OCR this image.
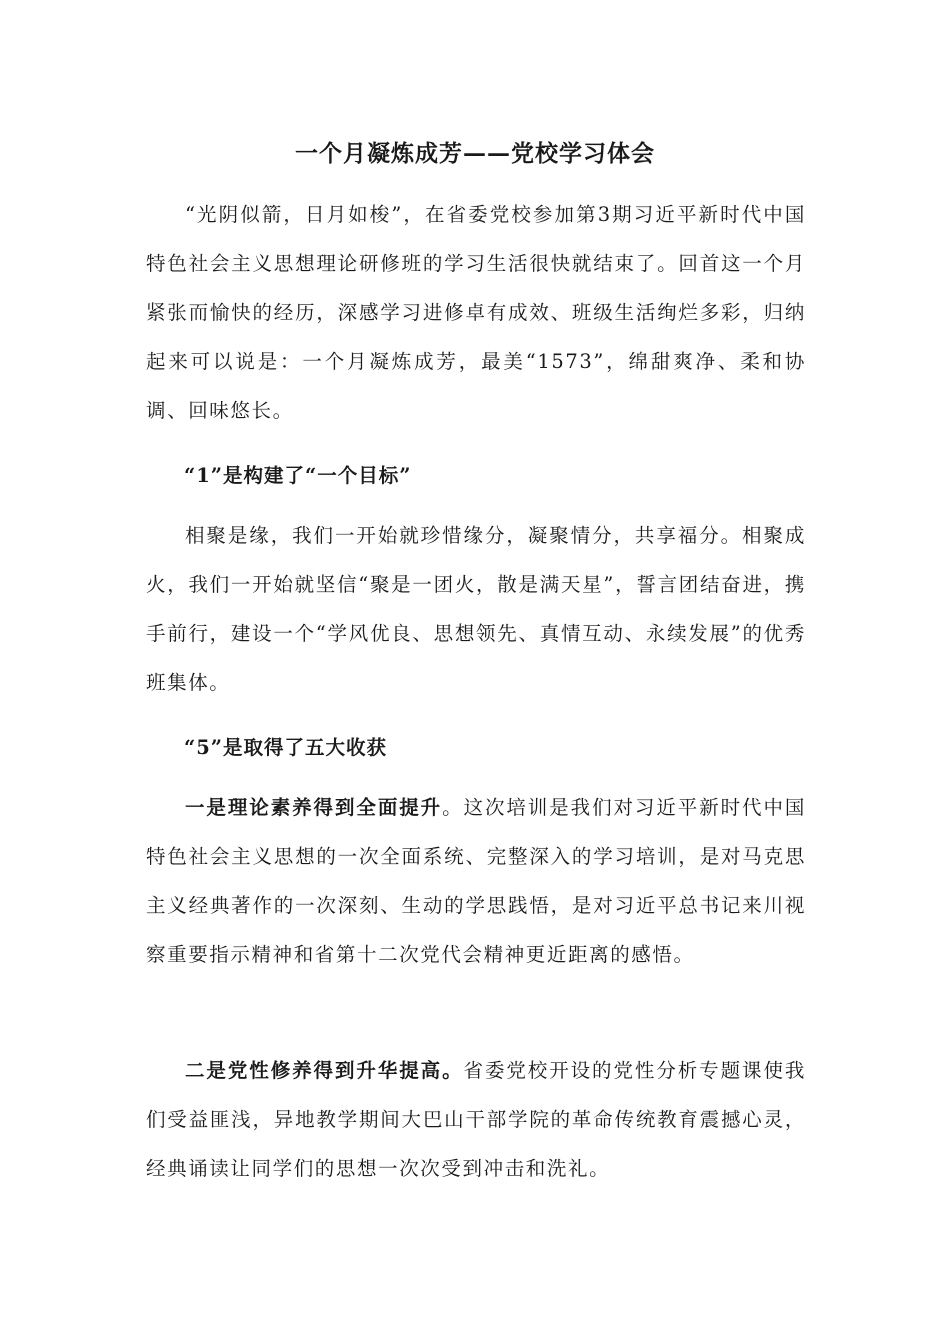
一个月凝炼成芳——党校学习体会

“光阴似箭，日月如梭”，在省委党校参加第3期习近平新时代中国特色社会主义思想理论研修班的学习生活很快就结束了。回首这一个月紧张而愉快的经历，深感学习进修卓有成效、班级生活绚烂多彩，归纳起来可以说是：一个月凝炼成芳，最美“1573”，绵甜爽净、柔和协调、回味悠长。

“1”是构建了“一个目标”

相聚是缘，我们一开始就珍惜缘分，凝聚情分，共享福分。相聚成火，我们一开始就坚信“聚是一团火，散是满天星”，誓言团结奋进，携手前行，建设一个“学风优良、思想领先、真情互动、永续发展”的优秀班集体。

“5”是取得了五大收获

一是理论素养得到全面提升。这次培训是我们对习近平新时代中国特色社会主义思想的一次全面系统、完整深入的学习培训，是对马克思主义经典著作的一次深刻、生动的学思践悟，是对习近平总书记来川视察重要指示精神和省第十二次党代会精神更近距离的感悟。

二是党性修养得到升华提高。省委党校开设的党性分析专题课使我们受益匪浅，异地教学期间大巴山干部学院的革命传统教育震撼心灵，经典诵读让同学们的思想一次次受到冲击和洗礼。
